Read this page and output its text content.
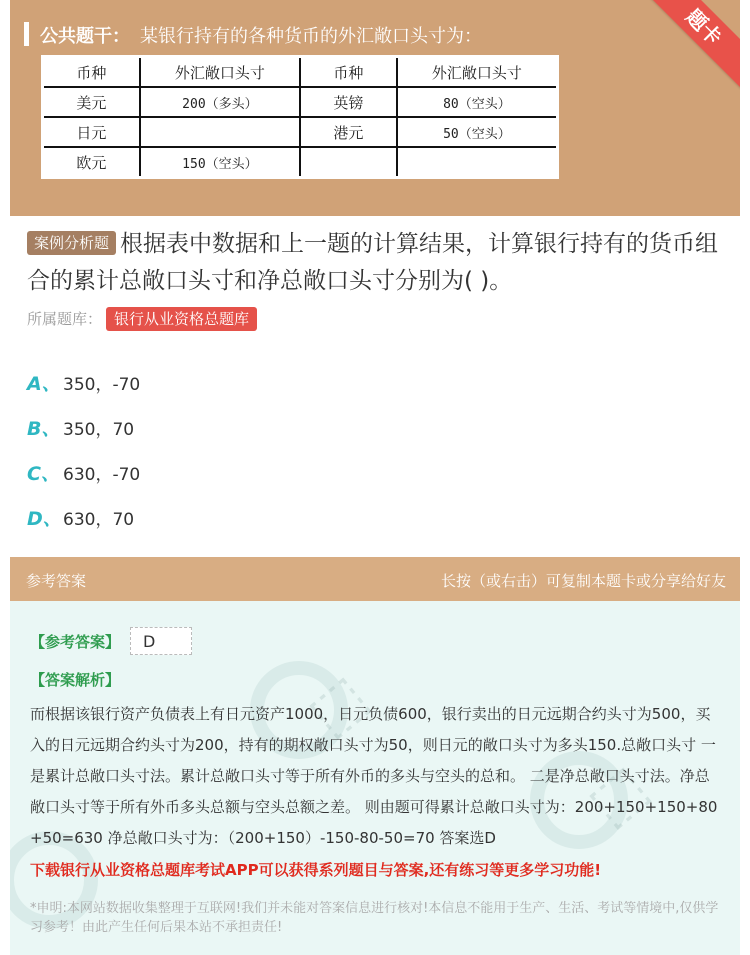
公共题干： 某银行持有的各种货币的外汇敞口头寸为：	题卡
币种	外汇敞口头寸	币种	外汇敞口头寸
美元	200（多头）	英镑	80（空头）
日元		港元	50（空头）
欧元	150（空头）		
案例分析题 根据表中数据和上一题的计算结果，计算银行持有的货币组合的累计总敞口头寸和净总敞口头寸分别为( )。
所属题库： 银行从业资格总题库
A、 350，-70
B、 350，70
C、 630，-70
D、 630，70
参考答案	长按（或右击）可复制本题卡或分享给好友
⬚
⬚
【参考答案】	D
【答案解析】
而根据该银行资产负债表上有日元资产1000，日元负债600，银行卖出的日元远期合约头寸为500，买入的日元远期合约头寸为200，持有的期权敞口头寸为50，则日元的敞口头寸为多头150.总敞口头寸 一是累计总敞口头寸法。累计总敞口头寸等于所有外币的多头与空头的总和。 二是净总敞口头寸法。净总敞口头寸等于所有外币多头总额与空头总额之差。 则由题可得累计总敞口头寸为：200+150+150+80+50=630 净总敞口头寸为：（200+150）-150-80-50=70 答案选D
下载银行从业资格总题库考试APP可以获得系列题目与答案,还有练习等更多学习功能!
*申明:本网站数据收集整理于互联网!我们并未能对答案信息进行核对!本信息不能用于生产、生活、考试等情境中,仅供学习参考！由此产生任何后果本站不承担责任!
